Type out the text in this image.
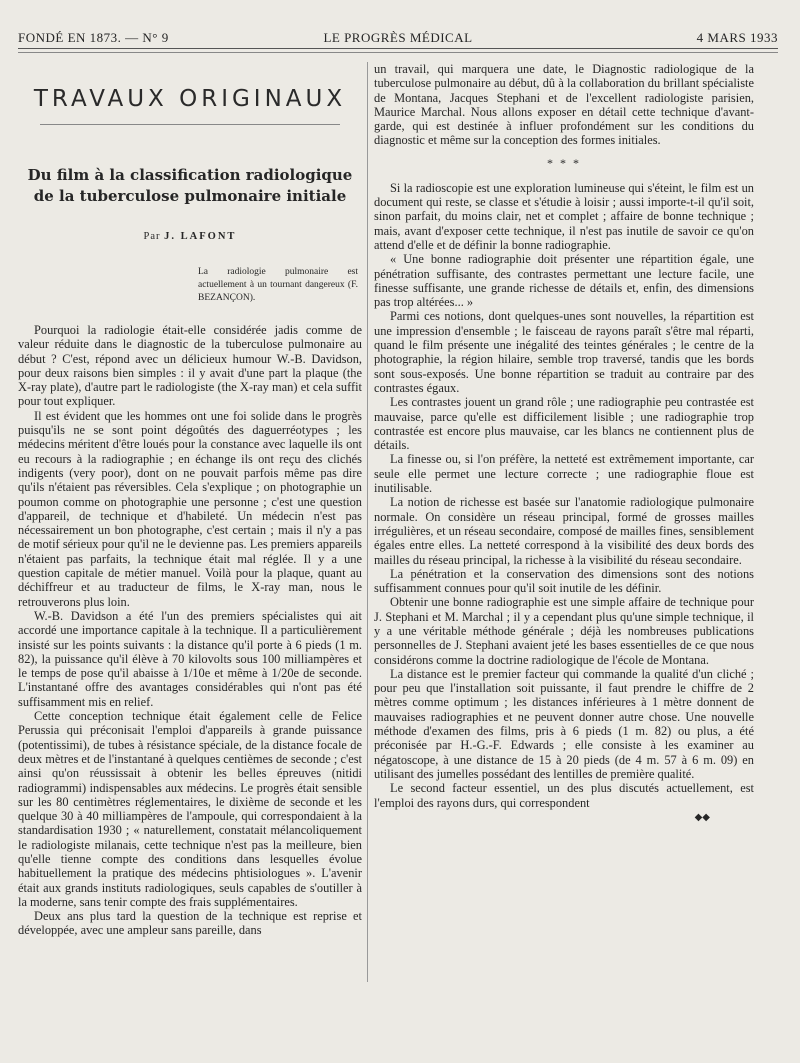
FONDÉ EN 1873. — N° 9	LE PROGRÈS MÉDICAL	4 MARS 1933
TRAVAUX ORIGINAUX
Du film à la classification radiologique
de la tuberculose pulmonaire initiale
Par J. LAFONT
La radiologie pulmonaire est actuellement à un tournant dangereux (F. BEZANÇON).

Pourquoi la radiologie était-elle considérée jadis comme de valeur réduite dans le diagnostic de la tuberculose pulmonaire au début ? C'est, répond avec un délicieux humour W.-B. Davidson, pour deux raisons bien simples : il y avait d'une part la plaque (the X-ray plate), d'autre part le radiologiste (the X-ray man) et cela suffit pour tout expliquer.

Il est évident que les hommes ont une foi solide dans le progrès puisqu'ils ne se sont point dégoûtés des daguerréotypes ; les médecins méritent d'être loués pour la constance avec laquelle ils ont eu recours à la radiographie ; en échange ils ont reçu des clichés indigents (very poor), dont on ne pouvait parfois même pas dire qu'ils n'étaient pas réversibles. Cela s'explique ; on photographie un poumon comme on photographie une personne ; c'est une question d'appareil, de technique et d'habileté. Un médecin n'est pas nécessairement un bon photographe, c'est certain ; mais il n'y a pas de motif sérieux pour qu'il ne le devienne pas. Les premiers appareils n'étaient pas parfaits, la technique était mal réglée. Il y a une question capitale de métier manuel. Voilà pour la plaque, quant au déchiffreur et au traducteur de films, le X-ray man, nous le retrouverons plus loin.

W.-B. Davidson a été l'un des premiers spécialistes qui ait accordé une importance capitale à la technique. Il a particulièrement insisté sur les points suivants : la distance qu'il porte à 6 pieds (1 m. 82), la puissance qu'il élève à 70 kilovolts sous 100 milliampères et le temps de pose qu'il abaisse à 1/10e et même à 1/20e de seconde. L'instantané offre des avantages considérables qui n'ont pas été suffisamment mis en relief.

Cette conception technique était également celle de Felice Perussia qui préconisait l'emploi d'appareils à grande puissance (potentissimi), de tubes à résistance spéciale, de la distance focale de deux mètres et de l'instantané à quelques centièmes de seconde ; c'est ainsi qu'on réussissait à obtenir les belles épreuves (nitidi radiogrammi) indispensables aux médecins. Le progrès était sensible sur les 80 centimètres réglementaires, le dixième de seconde et les quelque 30 à 40 milliampères de l'ampoule, qui correspondaient à la standardisation 1930 ; « naturellement, constatait mélancoliquement le radiologiste milanais, cette technique n'est pas la meilleure, bien qu'elle tienne compte des conditions dans lesquelles évolue habituellement la pratique des médecins phtisiologues ». L'avenir était aux grands instituts radiologiques, seuls capables de s'outiller à la moderne, sans tenir compte des frais supplémentaires.

Deux ans plus tard la question de la technique est reprise et développée, avec une ampleur sans pareille, dans

un travail, qui marquera une date, le Diagnostic radiologique de la tuberculose pulmonaire au début, dû à la collaboration du brillant spécialiste de Montana, Jacques Stephani et de l'excellent radiologiste parisien, Maurice Marchal. Nous allons exposer en détail cette technique d'avant-garde, qui est destinée à influer profondément sur les conditions du diagnostic et même sur la conception des formes initiales.

* * *

Si la radioscopie est une exploration lumineuse qui s'éteint, le film est un document qui reste, se classe et s'étudie à loisir ; aussi importe-t-il qu'il soit, sinon parfait, du moins clair, net et complet ; affaire de bonne technique ; mais, avant d'exposer cette technique, il n'est pas inutile de savoir ce qu'on attend d'elle et de définir la bonne radiographie.

« Une bonne radiographie doit présenter une répartition égale, une pénétration suffisante, des contrastes permettant une lecture facile, une finesse suffisante, une grande richesse de détails et, enfin, des dimensions pas trop altérées... »

Parmi ces notions, dont quelques-unes sont nouvelles, la répartition est une impression d'ensemble ; le faisceau de rayons paraît s'être mal réparti, quand le film présente une inégalité des teintes générales ; le centre de la photographie, la région hilaire, semble trop traversé, tandis que les bords sont sous-exposés. Une bonne répartition se traduit au contraire par des contrastes égaux.

Les contrastes jouent un grand rôle ; une radiographie peu contrastée est mauvaise, parce qu'elle est difficilement lisible ; une radiographie trop contrastée est encore plus mauvaise, car les blancs ne contiennent plus de détails.

La finesse ou, si l'on préfère, la netteté est extrêmement importante, car seule elle permet une lecture correcte ; une radiographie floue est inutilisable.

La notion de richesse est basée sur l'anatomie radiologique pulmonaire normale. On considère un réseau principal, formé de grosses mailles irrégulières, et un réseau secondaire, composé de mailles fines, sensiblement égales entre elles. La netteté correspond à la visibilité des deux bords des mailles du réseau principal, la richesse à la visibilité du réseau secondaire.

La pénétration et la conservation des dimensions sont des notions suffisamment connues pour qu'il soit inutile de les définir.

Obtenir une bonne radiographie est une simple affaire de technique pour J. Stephani et M. Marchal ; il y a cependant plus qu'une simple technique, il y a une véritable méthode générale ; déjà les nombreuses publications personnelles de J. Stephani avaient jeté les bases essentielles de ce que nous considérons comme la doctrine radiologique de l'école de Montana.

La distance est le premier facteur qui commande la qualité d'un cliché ; pour peu que l'installation soit puissante, il faut prendre le chiffre de 2 mètres comme optimum ; les distances inférieures à 1 mètre donnent de mauvaises radiographies et ne peuvent donner autre chose. Une nouvelle méthode d'examen des films, pris à 6 pieds (1 m. 82) ou plus, a été préconisée par H.-G.-F. Edwards ; elle consiste à les examiner au négatoscope, à une distance de 15 à 20 pieds (de 4 m. 57 à 6 m. 09) en utilisant des jumelles possédant des lentilles de première qualité.

Le second facteur essentiel, un des plus discutés actuellement, est l'emploi des rayons durs, qui correspondent

◆◆
